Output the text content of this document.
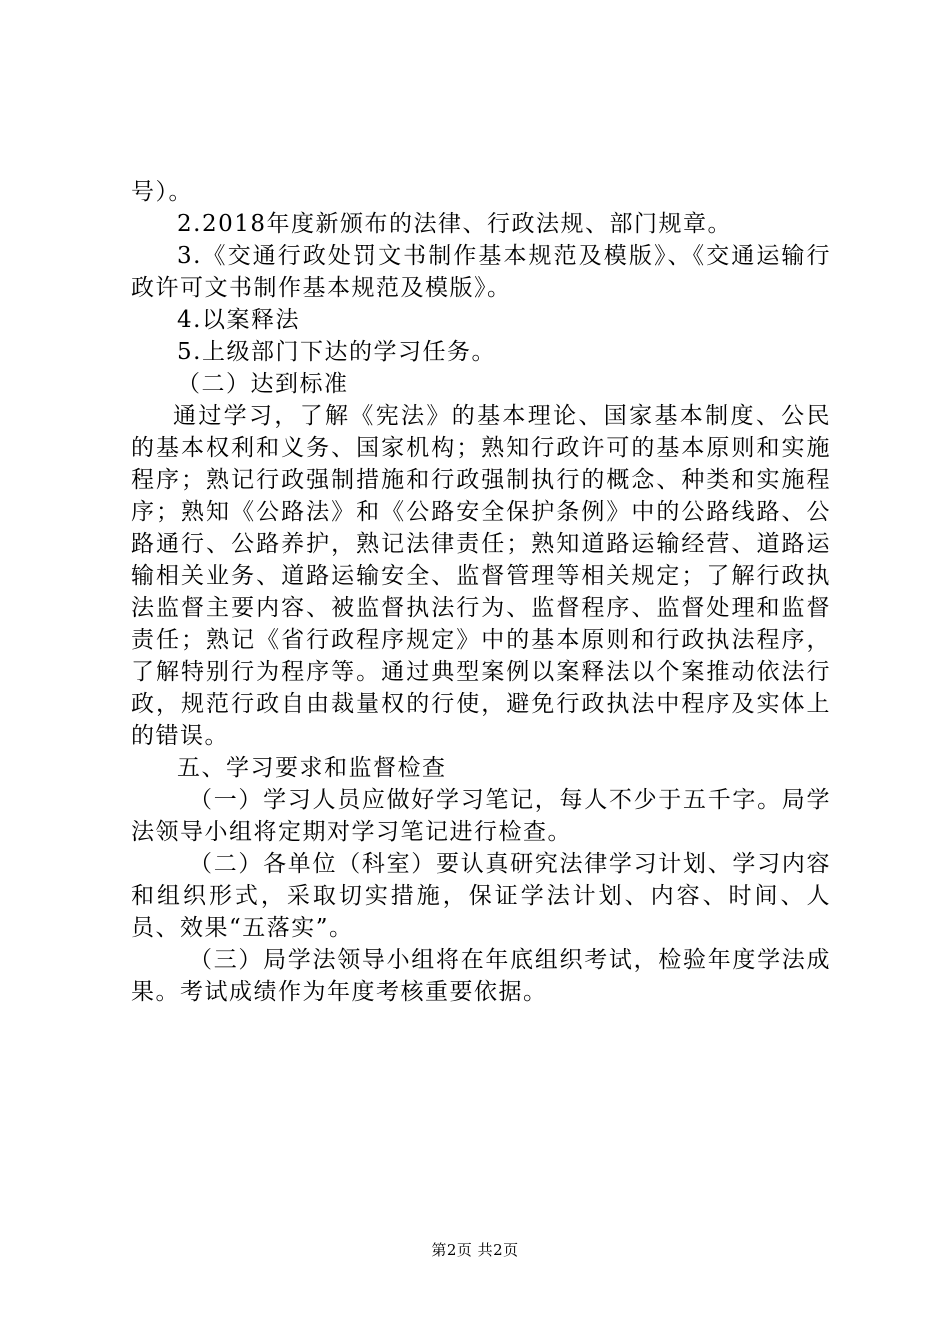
号）。

2.2018年度新颁布的法律、行政法规、部门规章。

3.《交通行政处罚文书制作基本规范及模版》、《交通运输行政许可文书制作基本规范及模版》。

4.以案释法

5.上级部门下达的学习任务。

（二）达到标准

通过学习，了解《宪法》的基本理论、国家基本制度、公民的基本权利和义务、国家机构；熟知行政许可的基本原则和实施程序；熟记行政强制措施和行政强制执行的概念、种类和实施程序；熟知《公路法》和《公路安全保护条例》中的公路线路、公路通行、公路养护，熟记法律责任；熟知道路运输经营、道路运输相关业务、道路运输安全、监督管理等相关规定；了解行政执法监督主要内容、被监督执法行为、监督程序、监督处理和监督责任；熟记《省行政程序规定》中的基本原则和行政执法程序，了解特别行为程序等。通过典型案例以案释法以个案推动依法行政，规范行政自由裁量权的行使，避免行政执法中程序及实体上的错误。

五、学习要求和监督检查

（一）学习人员应做好学习笔记，每人不少于五千字。局学法领导小组将定期对学习笔记进行检查。

（二）各单位（科室）要认真研究法律学习计划、学习内容和组织形式，采取切实措施，保证学法计划、内容、时间、人员、效果“五落实”。

（三）局学法领导小组将在年底组织考试，检验年度学法成果。考试成绩作为年度考核重要依据。

第2页 共2页
